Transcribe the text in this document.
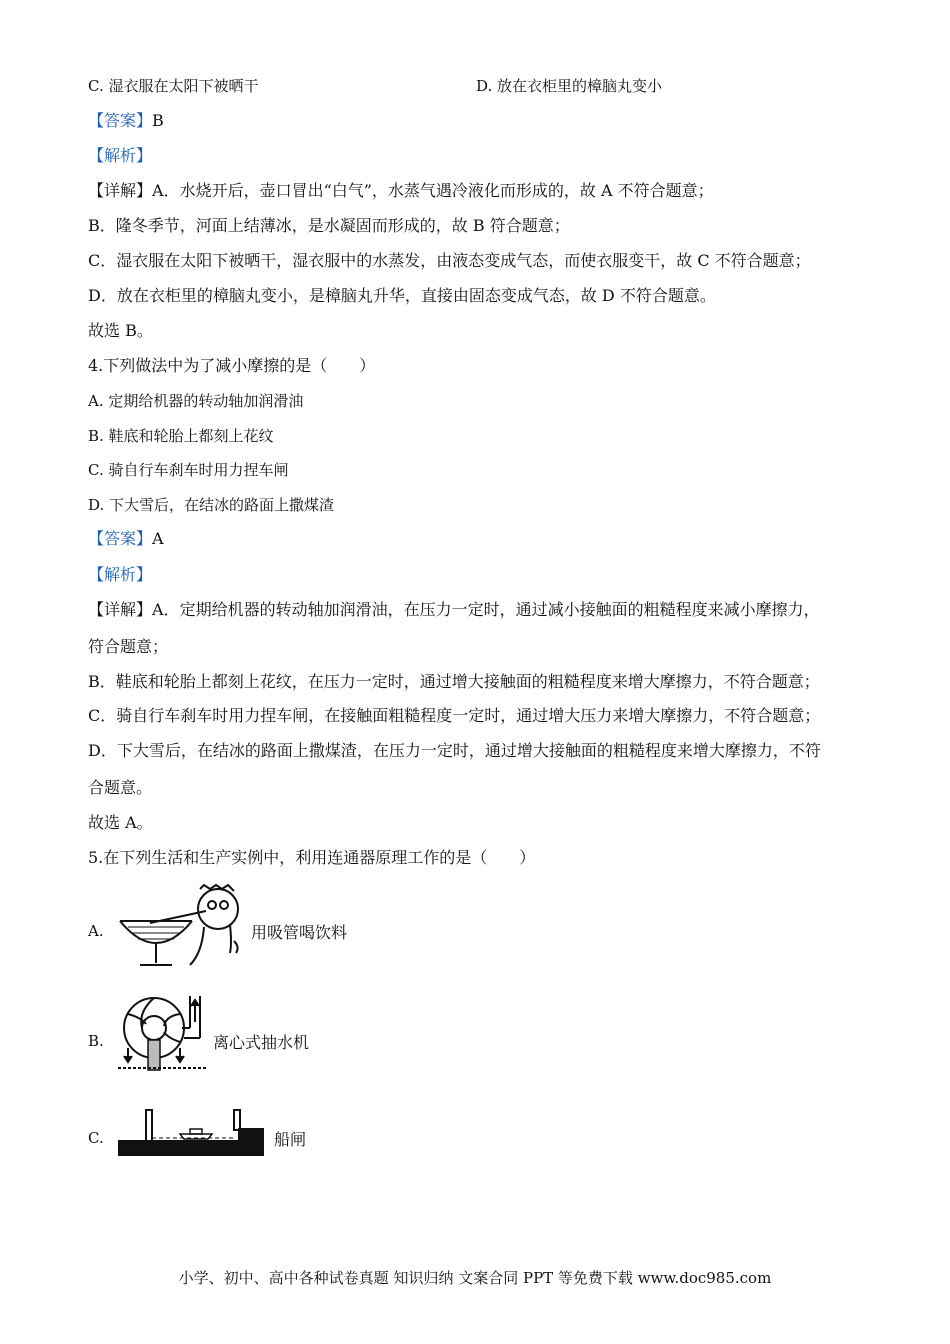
C. 湿衣服在太阳下被晒干	D. 放在衣柜里的樟脑丸变小
【答案】B
【解析】
【详解】A．水烧开后，壶口冒出“白气”，水蒸气遇冷液化而形成的，故 A 不符合题意；
B．隆冬季节，河面上结薄冰，是水凝固而形成的，故 B 符合题意；
C．湿衣服在太阳下被晒干，湿衣服中的水蒸发，由液态变成气态，而使衣服变干，故 C 不符合题意；
D．放在衣柜里的樟脑丸变小，是樟脑丸升华，直接由固态变成气态，故 D 不符合题意。
故选 B。
4.下列做法中为了减小摩擦的是（　　）
A. 定期给机器的转动轴加润滑油
B. 鞋底和轮胎上都刻上花纹
C. 骑自行车刹车时用力捏车闸
D. 下大雪后，在结冰的路面上撒煤渣
【答案】A
【解析】
【详解】A．定期给机器的转动轴加润滑油，在压力一定时，通过减小接触面的粗糙程度来减小摩擦力，
符合题意；
B．鞋底和轮胎上都刻上花纹，在压力一定时，通过增大接触面的粗糙程度来增大摩擦力，不符合题意；
C．骑自行车刹车时用力捏车闸，在接触面粗糙程度一定时，通过增大压力来增大摩擦力，不符合题意；
D．下大雪后，在结冰的路面上撒煤渣，在压力一定时，通过增大接触面的粗糙程度来增大摩擦力，不符
合题意。
故选 A。
5.在下列生活和生产实例中，利用连通器原理工作的是（　　）
A.	用吸管喝饮料
B.	离心式抽水机
C.	船闸
小学、初中、高中各种试卷真题 知识归纳 文案合同 PPT 等免费下载 www.doc985.com
